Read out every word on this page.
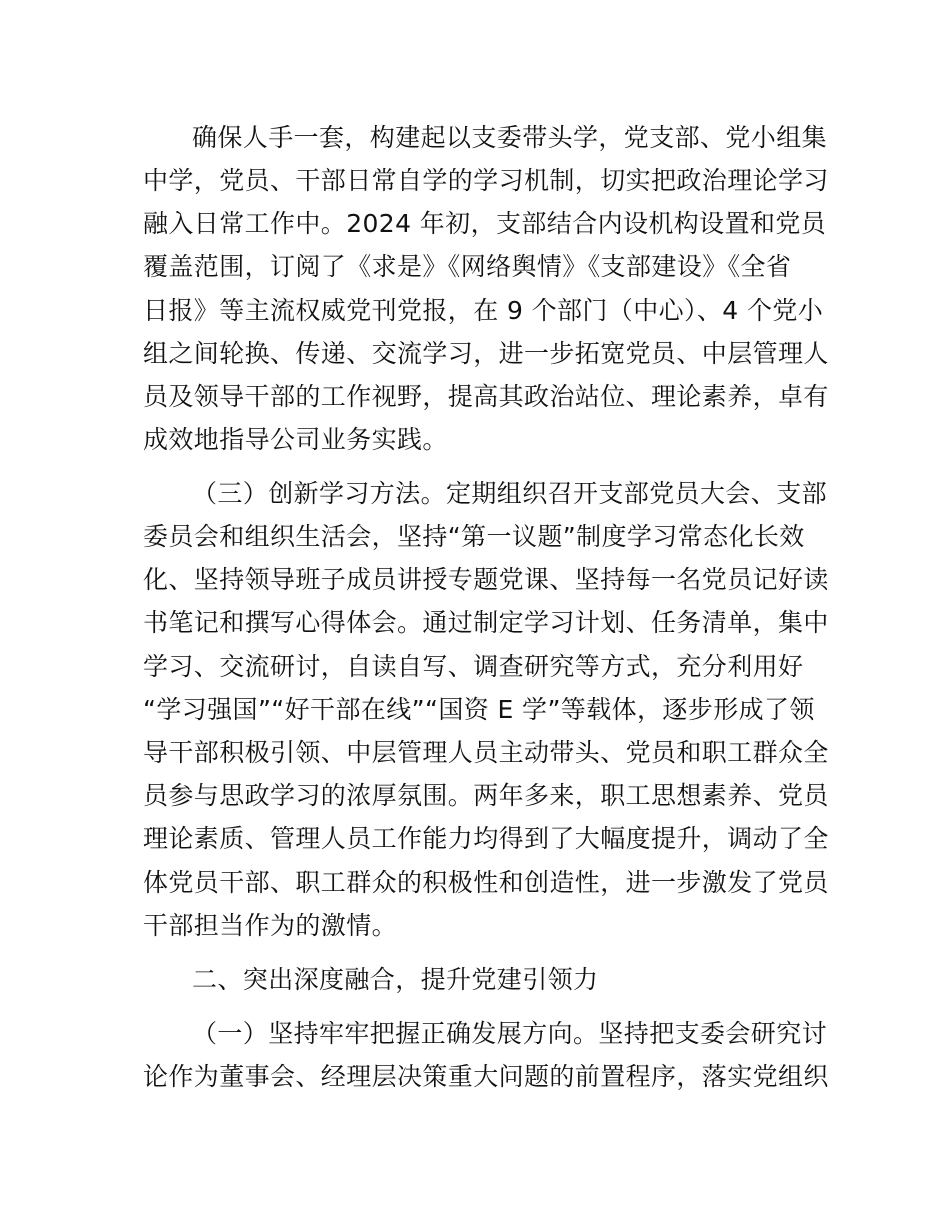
确保人手一套，构建起以支委带头学，党支部、党小组集

中学，党员、干部日常自学的学习机制，切实把政治理论学习

融入日常工作中。2024 年初，支部结合内设机构设置和党员

覆盖范围，订阅了《求是》《网络舆情》《支部建设》《全省

日报》等主流权威党刊党报，在 9 个部门（中心）、4 个党小

组之间轮换、传递、交流学习，进一步拓宽党员、中层管理人

员及领导干部的工作视野，提高其政治站位、理论素养，卓有

成效地指导公司业务实践。

（三）创新学习方法。定期组织召开支部党员大会、支部

委员会和组织生活会，坚持“第一议题”制度学习常态化长效

化、坚持领导班子成员讲授专题党课、坚持每一名党员记好读

书笔记和撰写心得体会。通过制定学习计划、任务清单，集中

学习、交流研讨，自读自写、调查研究等方式，充分利用好

“学习强国”“好干部在线”“国资 E 学”等载体，逐步形成了领

导干部积极引领、中层管理人员主动带头、党员和职工群众全

员参与思政学习的浓厚氛围。两年多来，职工思想素养、党员

理论素质、管理人员工作能力均得到了大幅度提升，调动了全

体党员干部、职工群众的积极性和创造性，进一步激发了党员

干部担当作为的激情。

二、突出深度融合，提升党建引领力

（一）坚持牢牢把握正确发展方向。坚持把支委会研究讨

论作为董事会、经理层决策重大问题的前置程序，落实党组织
